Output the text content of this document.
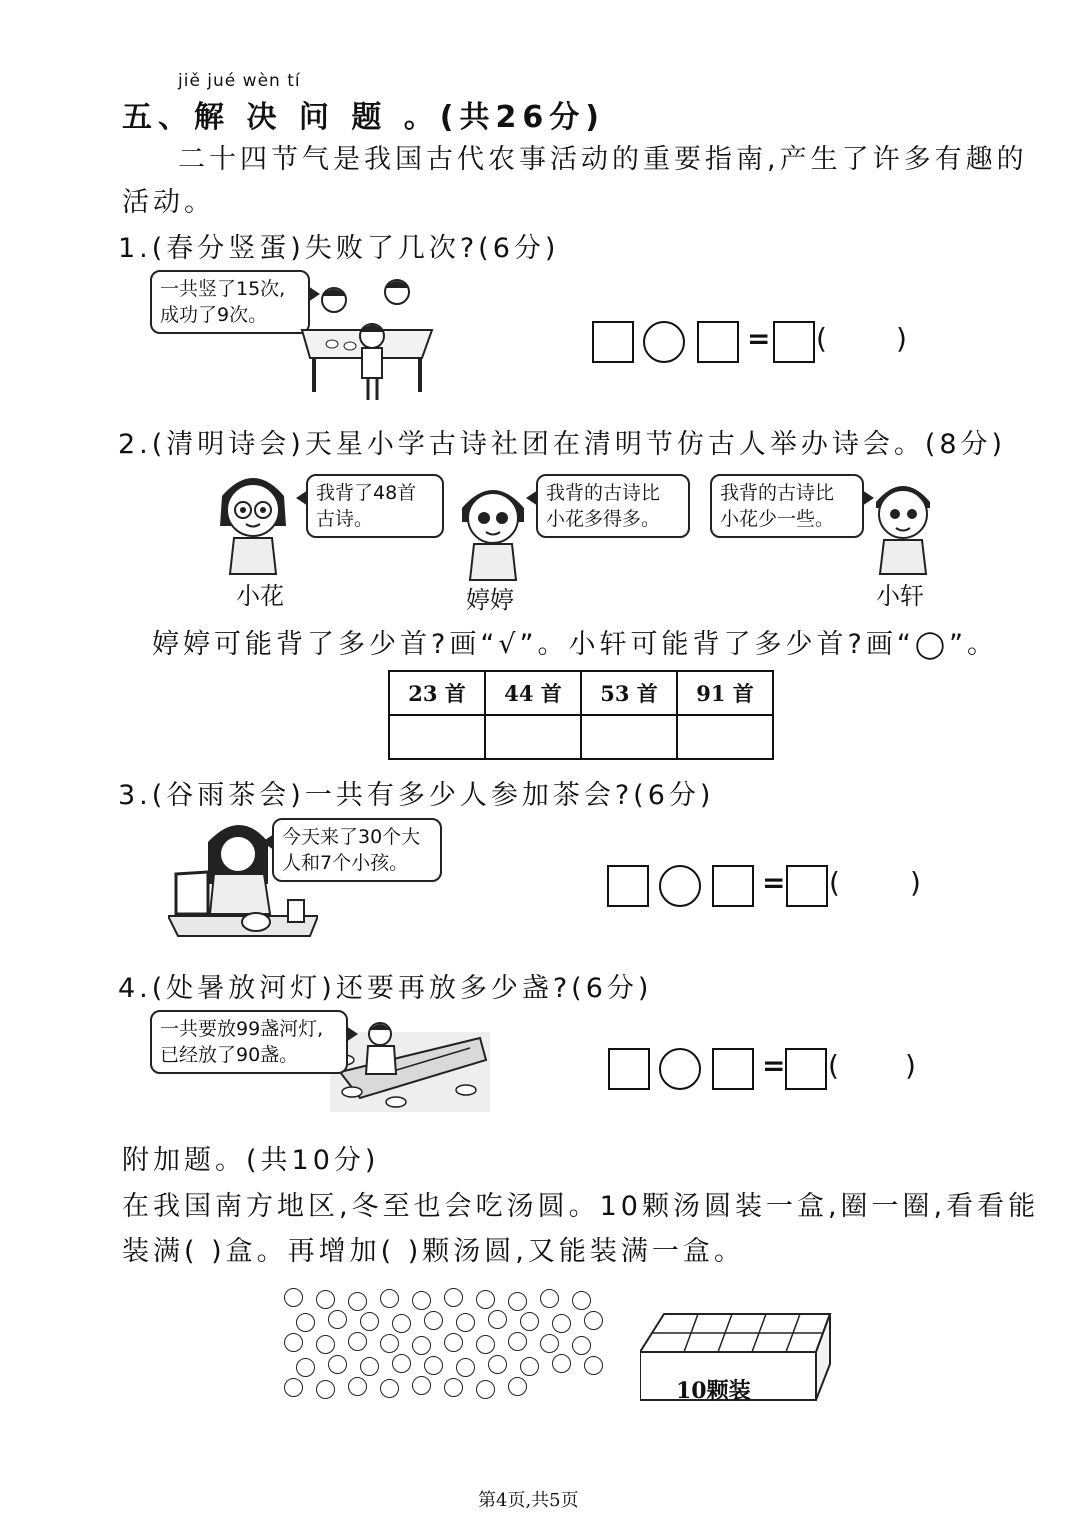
jiě jué wèn tí
五、解 决 问 题 。(共26分)
二十四节气是我国古代农事活动的重要指南,产生了许多有趣的
活动。
1.(春分竖蛋)失败了几次?(6分)
一共竖了15次,
成功了9次。
= ( )
2.(清明诗会)天星小学古诗社团在清明节仿古人举办诗会。(8分)
我背了48首
古诗。
小花
我背的古诗比
小花多得多。
婷婷
我背的古诗比
小花少一些。
小轩
婷婷可能背了多少首?画“√”。小轩可能背了多少首?画“◯”。
23 首	44 首	53 首	91 首

3.(谷雨茶会)一共有多少人参加茶会?(6分)
今天来了30个大
人和7个小孩。
= (	)
4.(处暑放河灯)还要再放多少盏?(6分)
一共要放99盏河灯,
已经放了90盏。	= ( )
附加题。(共10分)
在我国南方地区,冬至也会吃汤圆。10颗汤圆装一盒,圈一圈,看看能
装满( )盒。再增加( )颗汤圆,又能装满一盒。
10颗装
第4页,共5页
